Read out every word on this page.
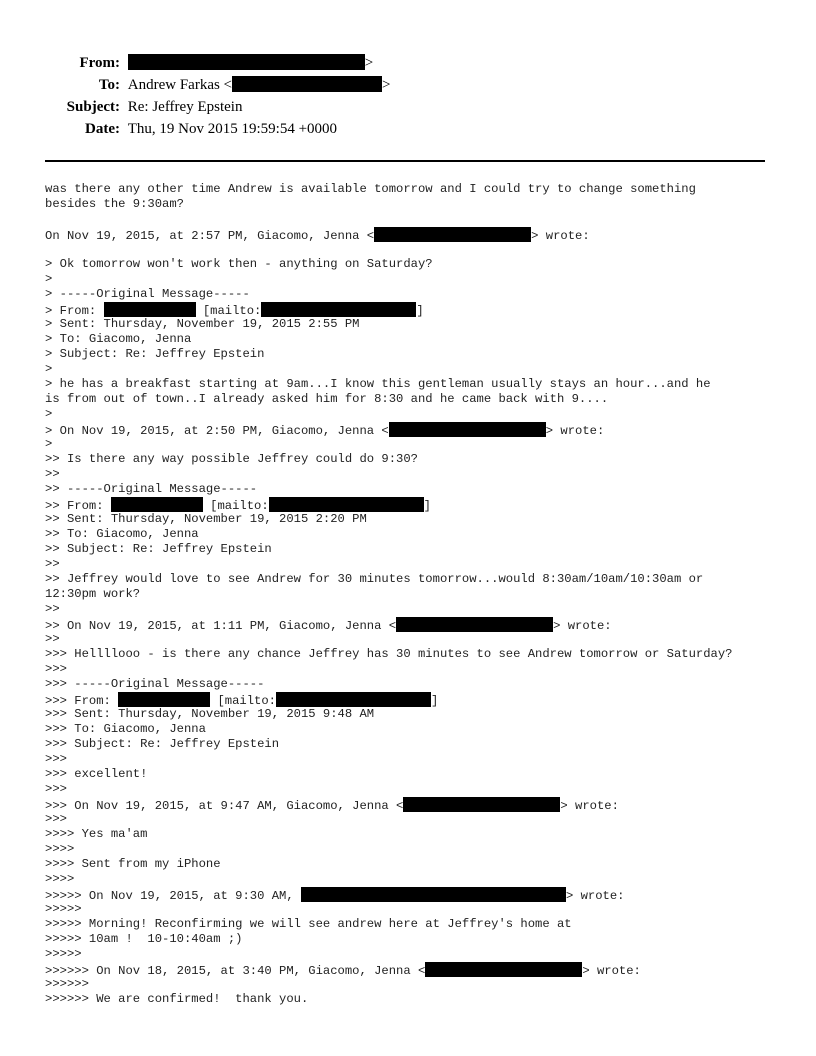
From:	>
To: Andrew Farkas <	>
Subject: Re: Jeffrey Epstein
Date: Thu, 19 Nov 2015 19:59:54 +0000
was there any other time Andrew is available tomorrow and I could try to change something
besides the 9:30am?
On Nov 19, 2015, at 2:57 PM, Giacomo, Jenna <	> wrote:
> Ok tomorrow won't work then - anything on Saturday?
>
> -----Original Message-----
> From:	[mailto:	]
> Sent: Thursday, November 19, 2015 2:55 PM
> To: Giacomo, Jenna
> Subject: Re: Jeffrey Epstein
>
> he has a breakfast starting at 9am...I know this gentleman usually stays an hour...and he
is from out of town..I already asked him for 8:30 and he came back with 9....
>
> On Nov 19, 2015, at 2:50 PM, Giacomo, Jenna <	> wrote:
>
>> Is there any way possible Jeffrey could do 9:30?
>>
>> -----Original Message-----
>> From:	[mailto:	]
>> Sent: Thursday, November 19, 2015 2:20 PM
>> To: Giacomo, Jenna
>> Subject: Re: Jeffrey Epstein
>>
>> Jeffrey would love to see Andrew for 30 minutes tomorrow...would 8:30am/10am/10:30am or
12:30pm work?
>>
>> On Nov 19, 2015, at 1:11 PM, Giacomo, Jenna <	> wrote:
>>
>>> Hellllooo - is there any chance Jeffrey has 30 minutes to see Andrew tomorrow or Saturday?
>>>
>>> -----Original Message-----
>>> From:	[mailto:	]
>>> Sent: Thursday, November 19, 2015 9:48 AM
>>> To: Giacomo, Jenna
>>> Subject: Re: Jeffrey Epstein
>>>
>>> excellent!
>>>
>>> On Nov 19, 2015, at 9:47 AM, Giacomo, Jenna <	> wrote:
>>>
>>>> Yes ma'am
>>>>
>>>> Sent from my iPhone
>>>>
>>>>> On Nov 19, 2015, at 9:30 AM,	> wrote:
>>>>>
>>>>> Morning! Reconfirming we will see andrew here at Jeffrey's home at
>>>>> 10am !  10-10:40am ;)
>>>>>
>>>>>> On Nov 18, 2015, at 3:40 PM, Giacomo, Jenna <	> wrote:
>>>>>>
>>>>>> We are confirmed!  thank you.
